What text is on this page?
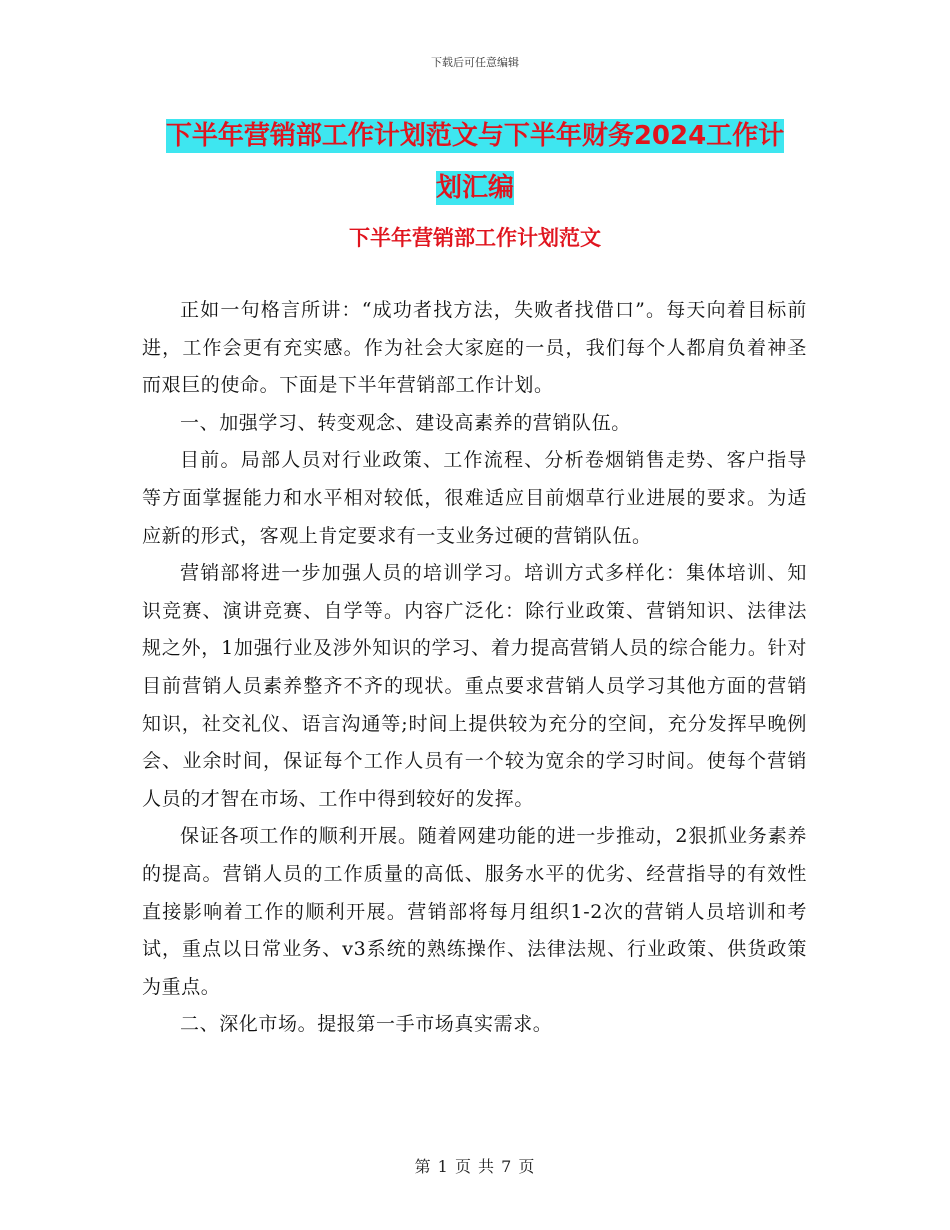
下载后可任意编辑
下半年营销部工作计划范文与下半年财务2024工作计
划汇编
下半年营销部工作计划范文

正如一句格言所讲：“成功者找方法，失败者找借口”。每天向着目标前进，工作会更有充实感。作为社会大家庭的一员，我们每个人都肩负着神圣而艰巨的使命。下面是下半年营销部工作计划。

一、加强学习、转变观念、建设高素养的营销队伍。

目前。局部人员对行业政策、工作流程、分析卷烟销售走势、客户指导等方面掌握能力和水平相对较低，很难适应目前烟草行业进展的要求。为适应新的形式，客观上肯定要求有一支业务过硬的营销队伍。

营销部将进一步加强人员的培训学习。培训方式多样化：集体培训、知识竞赛、演讲竞赛、自学等。内容广泛化：除行业政策、营销知识、法律法规之外，1加强行业及涉外知识的学习、着力提高营销人员的综合能力。针对目前营销人员素养整齐不齐的现状。重点要求营销人员学习其他方面的营销知识，社交礼仪、语言沟通等;时间上提供较为充分的空间，充分发挥早晚例会、业余时间，保证每个工作人员有一个较为宽余的学习时间。使每个营销人员的才智在市场、工作中得到较好的发挥。

保证各项工作的顺利开展。随着网建功能的进一步推动，2狠抓业务素养的提高。营销人员的工作质量的高低、服务水平的优劣、经营指导的有效性直接影响着工作的顺利开展。营销部将每月组织1-2次的营销人员培训和考试，重点以日常业务、v3系统的熟练操作、法律法规、行业政策、供货政策为重点。

二、深化市场。提报第一手市场真实需求。

第 1 页 共 7 页
